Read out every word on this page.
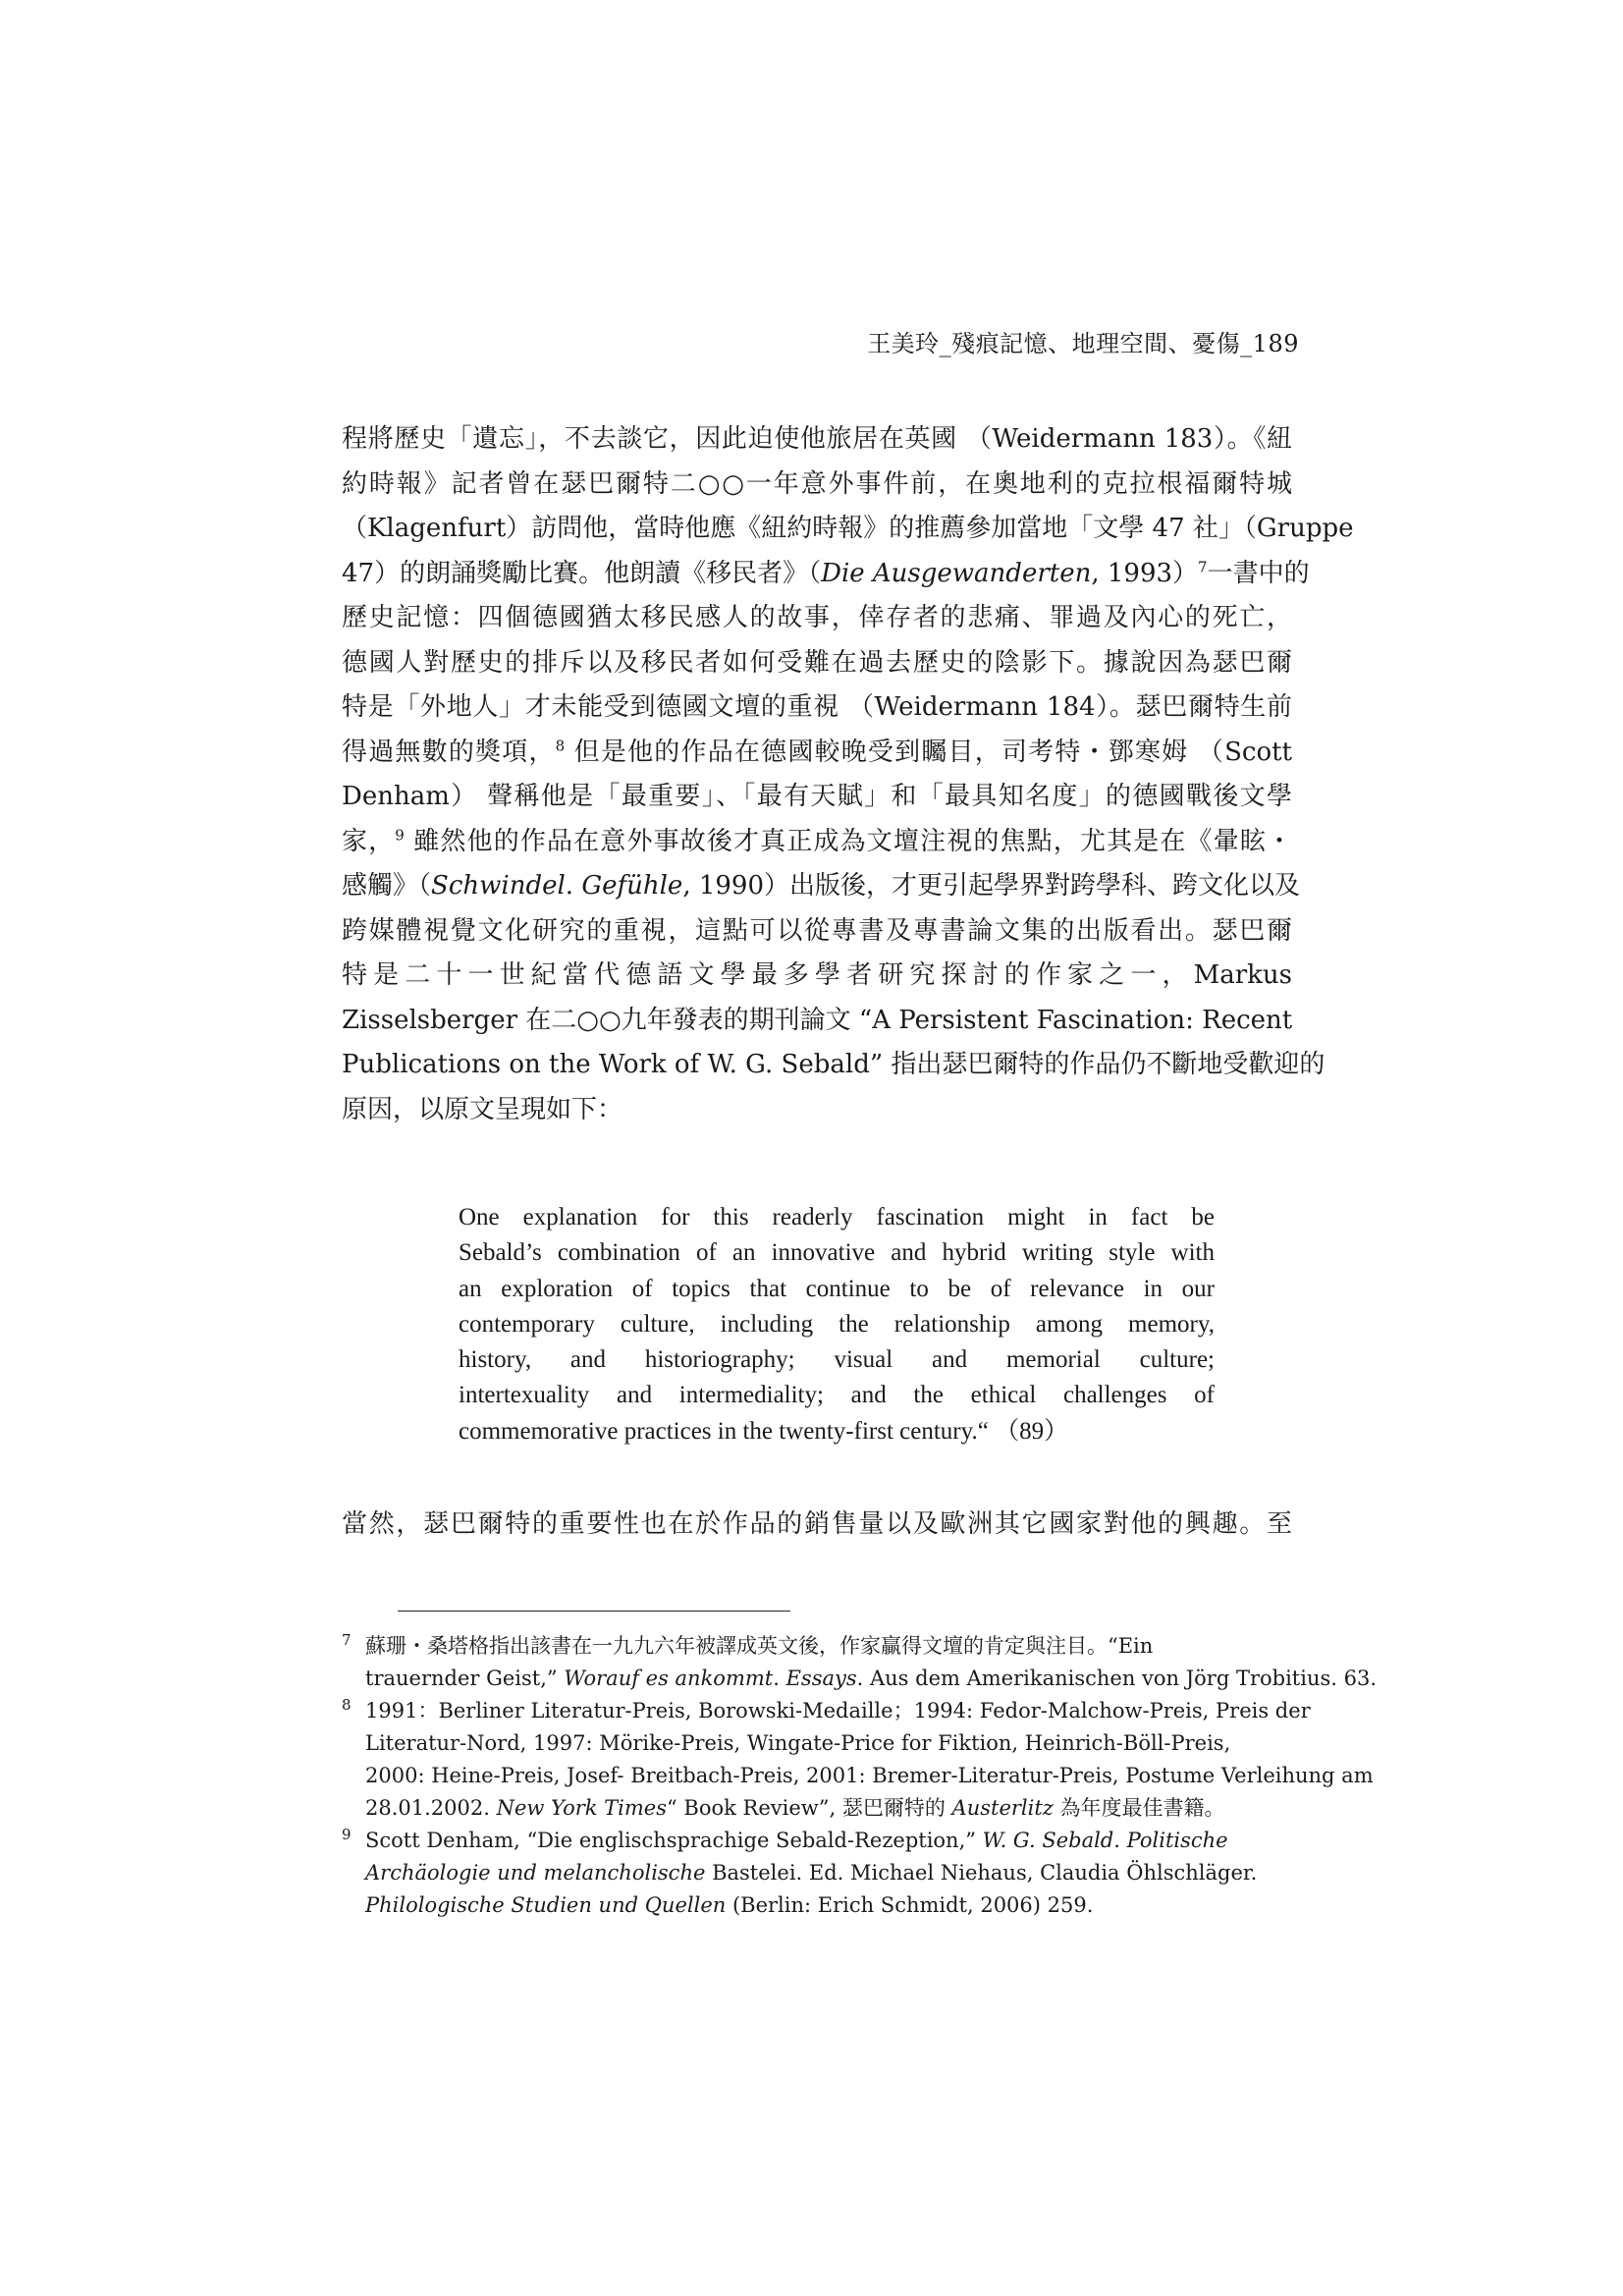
王美玲_殘痕記憶、地理空間、憂傷_189
程將歷史「遺忘」，不去談它，因此迫使他旅居在英國 （Weidermann 183）。《紐
約時報》記者曾在瑟巴爾特二○○一年意外事件前，在奧地利的克拉根福爾特城
（Klagenfurt）訪問他，當時他應《紐約時報》的推薦參加當地「文學 47 社」（Gruppe
47）的朗誦獎勵比賽。他朗讀《移民者》（Die Ausgewanderten, 1993）$^7$一書中的
歷史記憶：四個德國猶太移民感人的故事，倖存者的悲痛、罪過及內心的死亡，
德國人對歷史的排斥以及移民者如何受難在過去歷史的陰影下。據說因為瑟巴爾
特是「外地人」才未能受到德國文壇的重視 （Weidermann 184）。瑟巴爾特生前
得過無數的獎項，$^8$ 但是他的作品在德國較晚受到矚目，司考特・鄧寒姆 （Scott
Denham） 聲稱他是「最重要」、「最有天賦」和「最具知名度」的德國戰後文學
家，$^9$ 雖然他的作品在意外事故後才真正成為文壇注視的焦點，尤其是在《暈眩・
感觸》（Schwindel. Gefühle, 1990）出版後，才更引起學界對跨學科、跨文化以及
跨媒體視覺文化研究的重視，這點可以從專書及專書論文集的出版看出。瑟巴爾
特是二十一世紀當代德語文學最多學者研究探討的作家之一，Markus
Zisselsberger 在二○○九年發表的期刊論文 “A Persistent Fascination: Recent
Publications on the Work of W. G. Sebald” 指出瑟巴爾特的作品仍不斷地受歡迎的
原因，以原文呈現如下：
One explanation for this readerly fascination might in fact be
Sebald’s combination of an innovative and hybrid writing style with
an exploration of topics that continue to be of relevance in our
contemporary culture, including the relationship among memory,
history, and historiography; visual and memorial culture;
intertexuality and intermediality; and the ethical challenges of
commemorative practices in the twenty-first century.“ （89）
當然，瑟巴爾特的重要性也在於作品的銷售量以及歐洲其它國家對他的興趣。至
7 蘇珊・桑塔格指出該書在一九九六年被譯成英文後，作家贏得文壇的肯定與注目。“Ein
trauernder Geist,” Worauf es ankommt. Essays. Aus dem Amerikanischen von Jörg Trobitius. 63.
8 1991：Berliner Literatur-Preis, Borowski-Medaille；1994: Fedor-Malchow-Preis, Preis der
Literatur-Nord, 1997: Mörike-Preis, Wingate-Price for Fiktion, Heinrich-Böll-Preis,
2000: Heine-Preis, Josef- Breitbach-Preis, 2001: Bremer-Literatur-Preis, Postume Verleihung am
28.01.2002. New York Times“ Book Review”, 瑟巴爾特的 Austerlitz 為年度最佳書籍。
9 Scott Denham, “Die englischsprachige Sebald-Rezeption,” W. G. Sebald. Politische
Archäologie und melancholische Bastelei. Ed. Michael Niehaus, Claudia Öhlschläger.
Philologische Studien und Quellen (Berlin: Erich Schmidt, 2006) 259.
